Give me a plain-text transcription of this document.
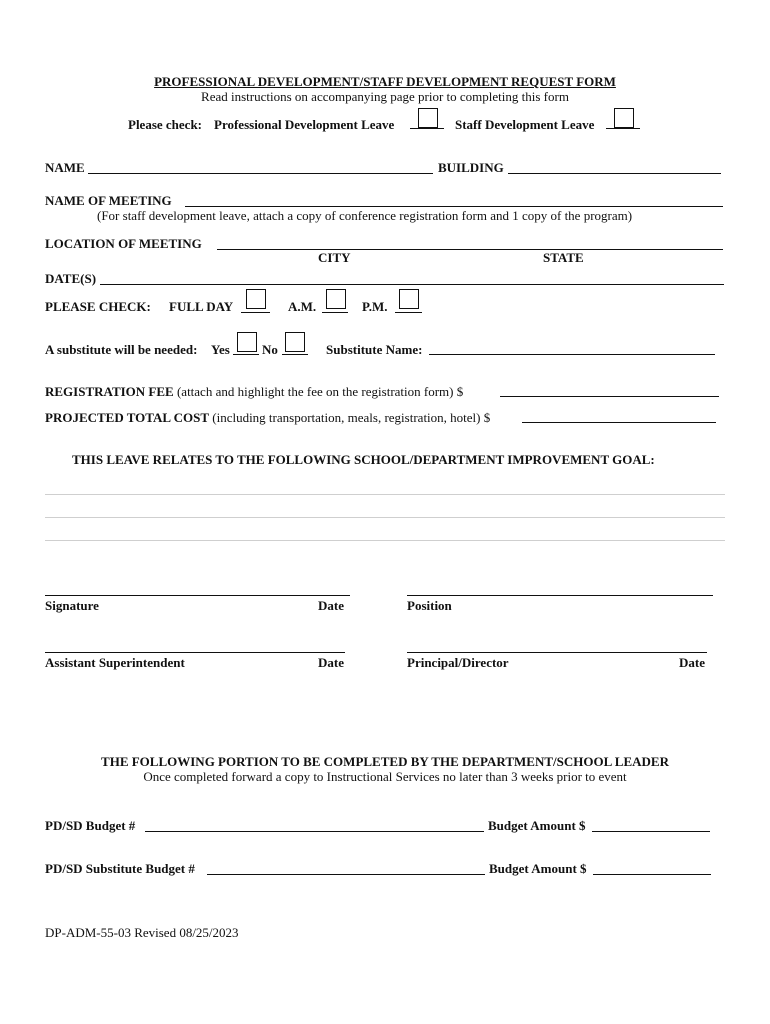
PROFESSIONAL DEVELOPMENT/STAFF DEVELOPMENT REQUEST FORM
Read instructions on accompanying page prior to completing this form
Please check: Professional Development Leave	Staff Development Leave
NAME	BUILDING
NAME OF MEETING
(For staff development leave, attach a copy of conference registration form and 1 copy of the program)
LOCATION OF MEETING
CITY	STATE
DATE(S)
PLEASE CHECK: FULL DAY	A.M.	P.M.
A substitute will be needed: Yes No	Substitute Name:
REGISTRATION FEE (attach and highlight the fee on the registration form) $
PROJECTED TOTAL COST (including transportation, meals, registration, hotel) $
THIS LEAVE RELATES TO THE FOLLOWING SCHOOL/DEPARTMENT IMPROVEMENT GOAL:
Signature	Date	Position
Assistant Superintendent	Date	Principal/Director	Date
THE FOLLOWING PORTION TO BE COMPLETED BY THE DEPARTMENT/SCHOOL LEADER
Once completed forward a copy to Instructional Services no later than 3 weeks prior to event
PD/SD Budget #	Budget Amount $
PD/SD Substitute Budget #	Budget Amount $
DP-ADM-55-03 Revised 08/25/2023
